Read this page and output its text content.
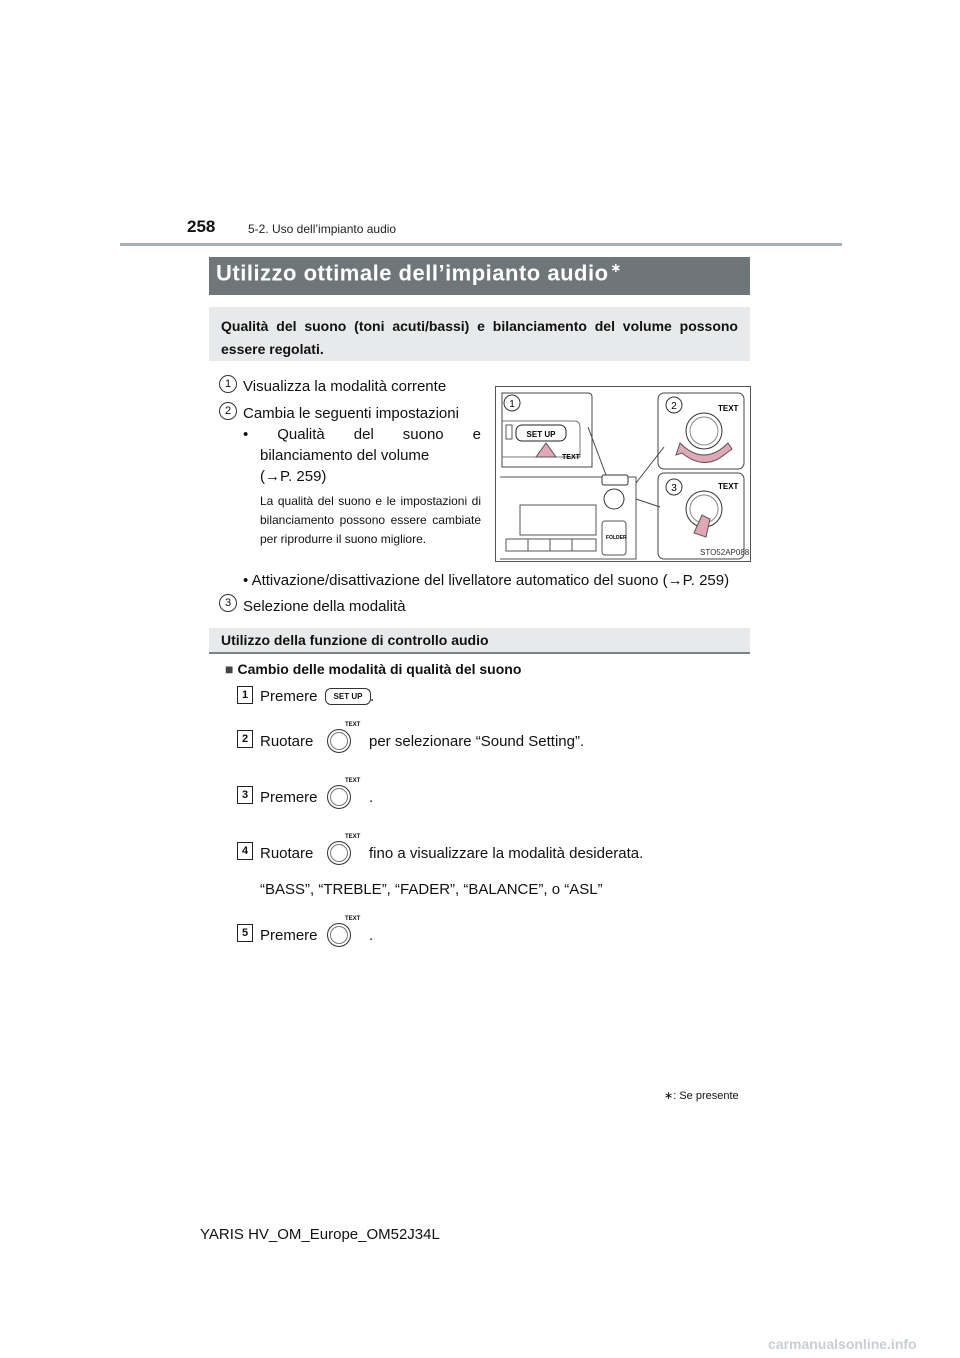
258	5-2. Uso dell’impianto audio
Utilizzo ottimale dell’impianto audio ∗
Qualità del suono (toni acuti/bassi) e bilanciamento del volume possono essere regolati.
1 Visualizza la modalità corrente
2 Cambia le seguenti impostazioni
• Qualità del suono e
bilanciamento del volume
(→P. 259)
La qualità del suono e le impostazioni di bilanciamento possono essere cambiate per riprodurre il suono migliore.
• Attivazione/disattivazione del livellatore automatico del suono (→P. 259)
3 Selezione della modalità
1
SET UP
TEXT
2	TEXT
3	TEXT
FOLDER
STO52AP088
Utilizzo della funzione di controllo audio
■ Cambio delle modalità di qualità del suono
1 Premere	SET UP .
2 Ruotare
TEXT
per selezionare “Sound Setting”.
3 Premere
TEXT
.
4 Ruotare
TEXT
fino a visualizzare la modalità desiderata.
“BASS”, “TREBLE”, “FADER”, “BALANCE”, o “ASL”
5 Premere
TEXT
.
∗: Se presente
YARIS HV_OM_Europe_OM52J34L
carmanualsonline.info
